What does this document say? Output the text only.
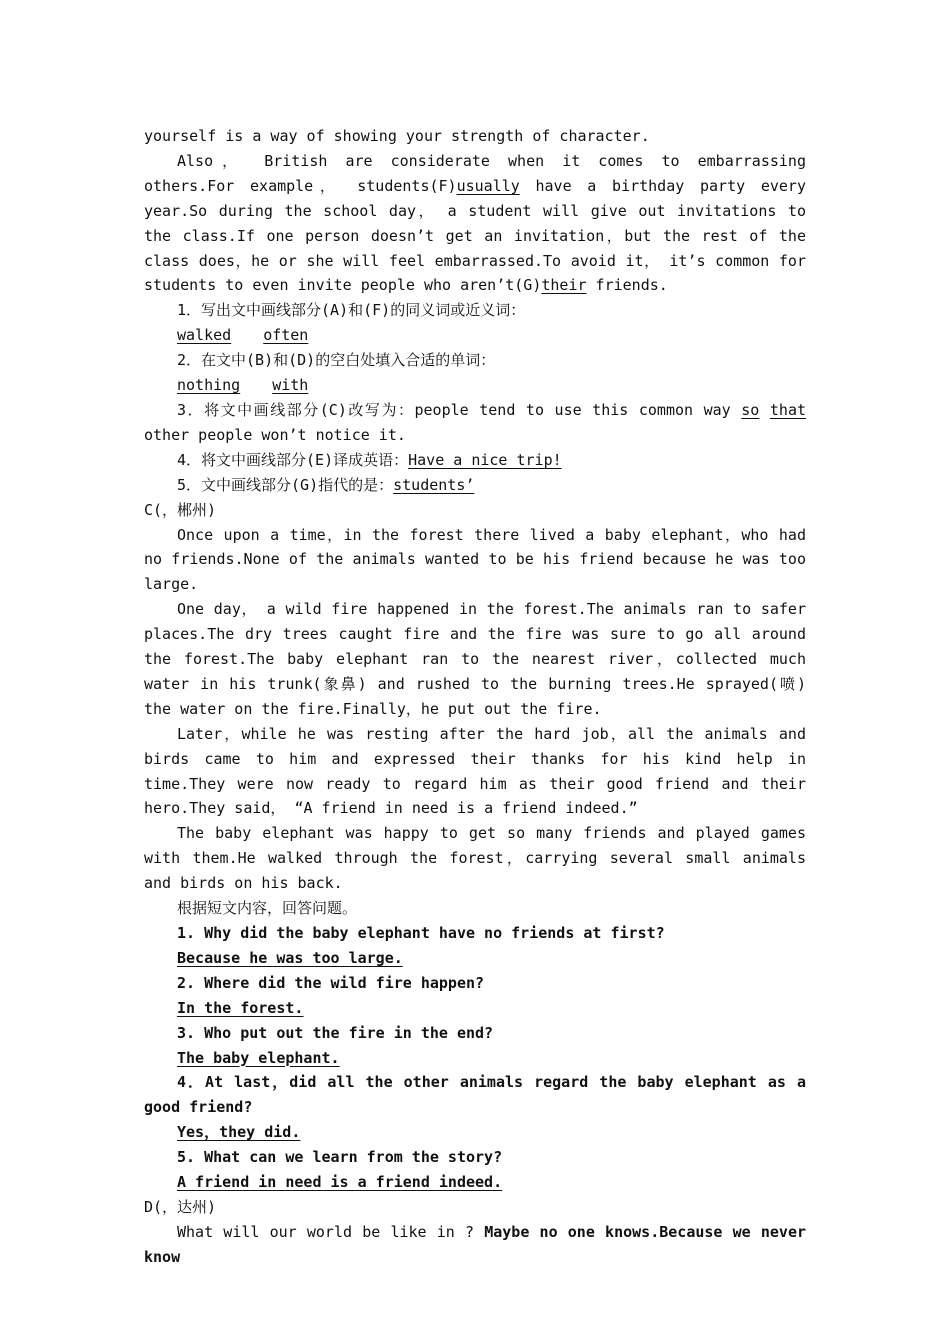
yourself is a way of showing your strength of character.

Also， British are considerate when it comes to embarrassing others.For example， students(F)usually have a birthday party every year.So during the school day， a student will give out invitations to the class.If one person doesn’t get an invitation，but the rest of the class does，he or she will feel embarrassed.To avoid it， it’s common for students to even invite people who aren’t(G)their friends.

1．写出文中画线部分(A)和(F)的同义词或近义词：

walked often

2．在文中(B)和(D)的空白处填入合适的单词：

nothing with

3．将文中画线部分(C)改写为：people tend to use this common way so that other people won’t notice it.

4．将文中画线部分(E)译成英语：Have a nice trip!

5．文中画线部分(G)指代的是：students’

C(，郴州)

Once upon a time，in the forest there lived a baby elephant，who had no friends.None of the animals wanted to be his friend because he was too large.

One day， a wild fire happened in the forest.The animals ran to safer places.The dry trees caught fire and the fire was sure to go all around the forest.The baby elephant ran to the nearest river，collected much water in his trunk(象鼻) and rushed to the burning trees.He sprayed(喷) the water on the fire.Finally，he put out the fire.

Later，while he was resting after the hard job，all the animals and birds came to him and expressed their thanks for his kind help in time.They were now ready to regard him as their good friend and their hero.They said， “A friend in need is a friend indeed.”

The baby elephant was happy to get so many friends and played games with them.He walked through the forest，carrying several small animals and birds on his back.

根据短文内容，回答问题。

1. Why did the baby elephant have no friends at first?

Because he was too large.

2. Where did the wild fire happen?

In the forest.

3. Who put out the fire in the end?

The baby elephant.

4．At last，did all the other animals regard the baby elephant as a good friend?

Yes，they did.

5. What can we learn from the story?

A friend in need is a friend indeed.

D(，达州)

What will our world be like in ? Maybe no one knows.Because we never know
